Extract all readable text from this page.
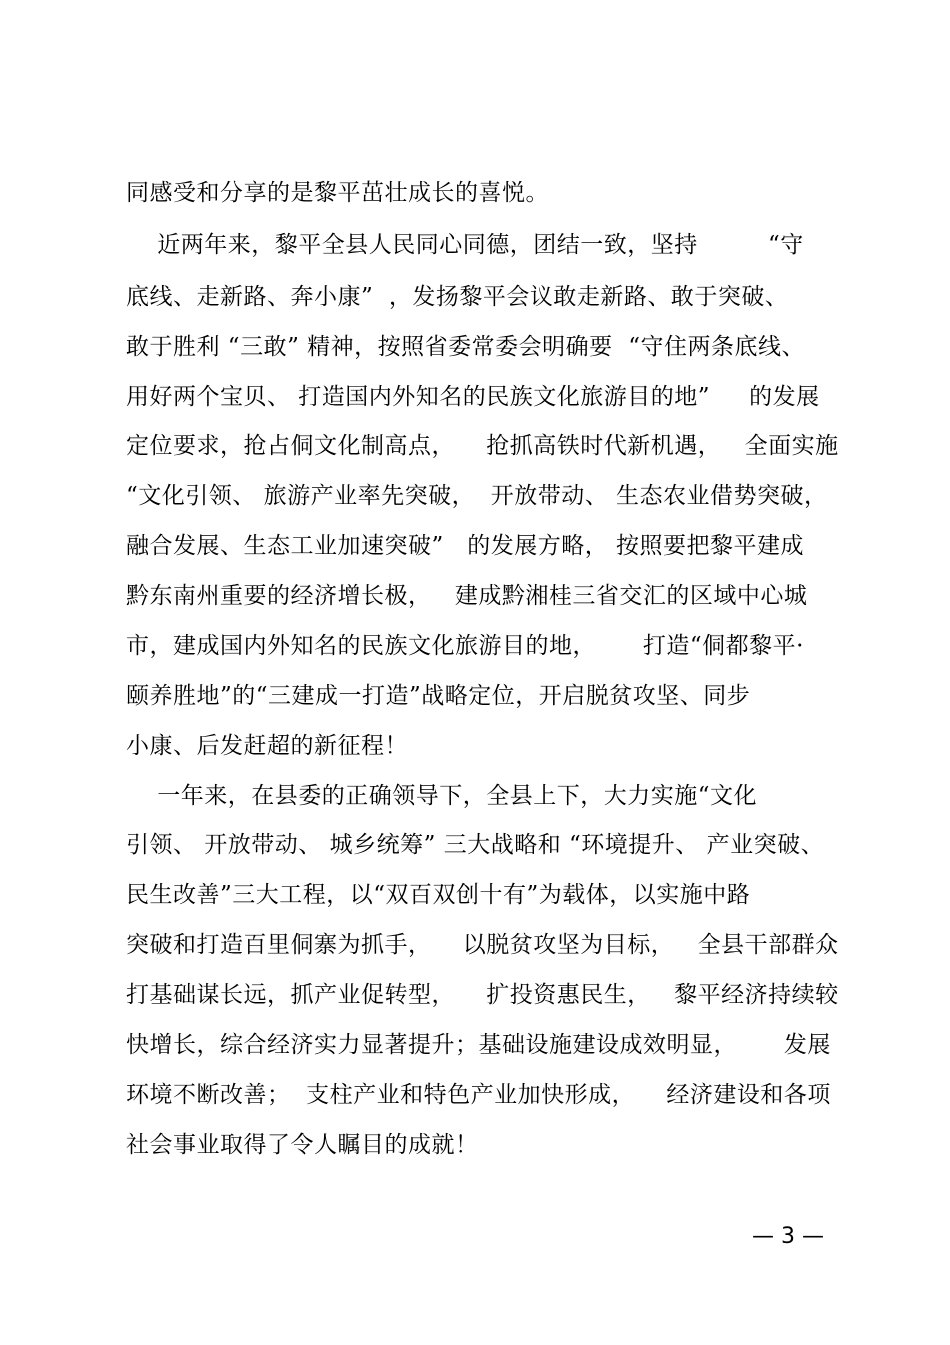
同感受和分享的是黎平茁壮成长的喜悦。
近两年来，黎平全县人民同心同德，团结一致，坚持         “守
底线、走新路、奔小康”  ，发扬黎平会议敢走新路、敢于突破、
敢于胜利 “三敢” 精神，按照省委常委会明确要  “守住两条底线、
用好两个宝贝、 打造国内外知名的民族文化旅游目的地”     的发展
定位要求，抢占侗文化制高点，    抢抓高铁时代新机遇，   全面实施
“文化引领、 旅游产业率先突破，  开放带动、 生态农业借势突破，
融合发展、生态工业加速突破”   的发展方略， 按照要把黎平建成
黔东南州重要的经济增长极，   建成黔湘桂三省交汇的区域中心城
市，建成国内外知名的民族文化旅游目的地，      打造“侗都黎平·
颐养胜地”的“三建成一打造”战略定位，开启脱贫攻坚、同步
小康、后发赶超的新征程！
一年来，在县委的正确领导下，全县上下，大力实施“文化
引领、 开放带动、 城乡统筹” 三大战略和 “环境提升、 产业突破、
民生改善”三大工程，以“双百双创十有”为载体，以实施中路
突破和打造百里侗寨为抓手，    以脱贫攻坚为目标，   全县干部群众
打基础谋长远，抓产业促转型，    扩投资惠民生，   黎平经济持续较
快增长，综合经济实力显著提升；基础设施建设成效明显，      发展
环境不断改善；  支柱产业和特色产业加快形成，    经济建设和各项
社会事业取得了令人瞩目的成就！
— 3 —
